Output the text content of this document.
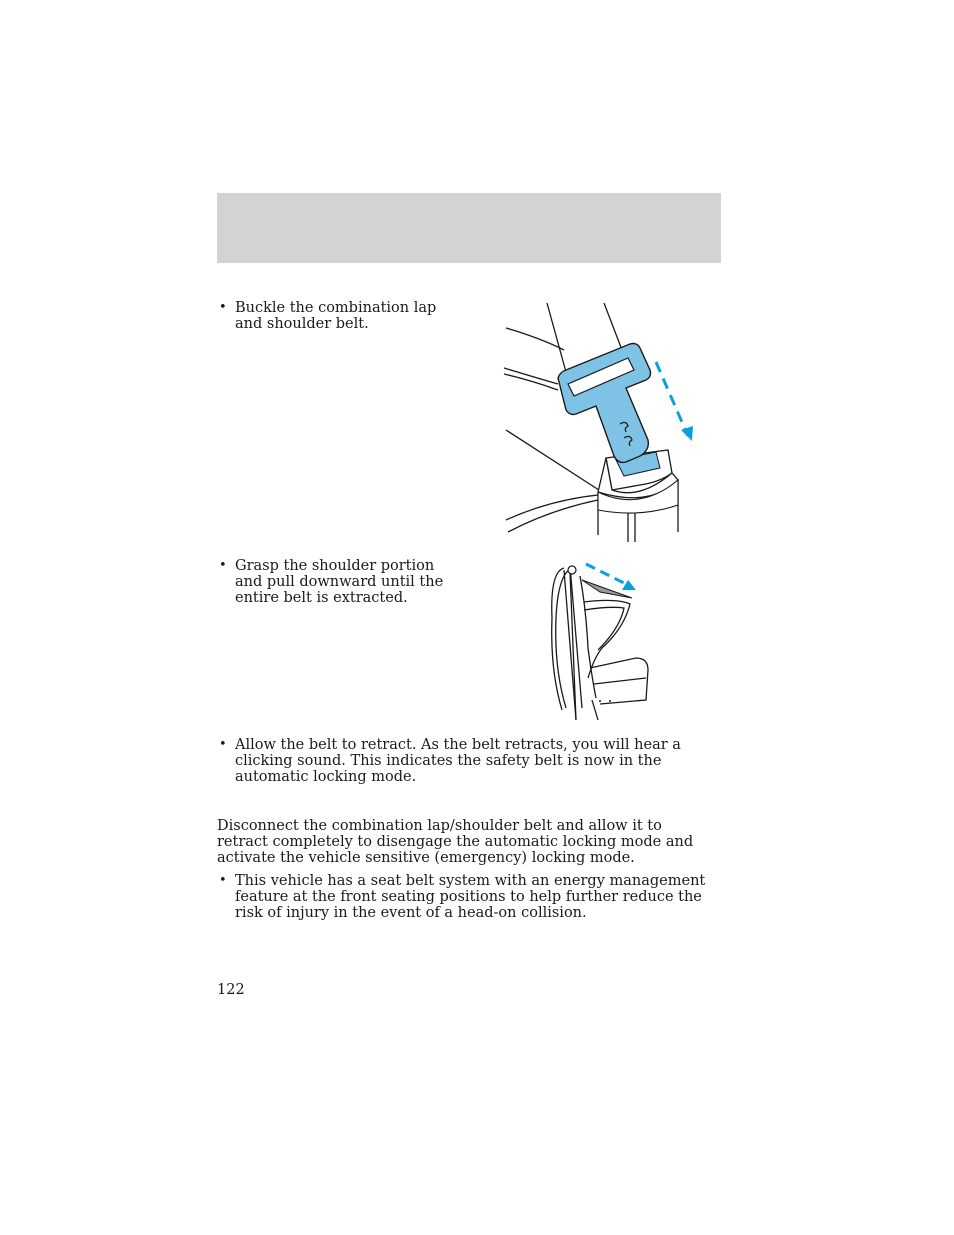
• Buckle the combination lap and shoulder belt.
• Grasp the shoulder portion and pull downward until the entire belt is extracted.
• Allow the belt to retract. As the belt retracts, you will hear a clicking sound. This indicates the safety belt is now in the automatic locking mode.
Disconnect the combination lap/shoulder belt and allow it to retract completely to disengage the automatic locking mode and activate the vehicle sensitive (emergency) locking mode.
• This vehicle has a seat belt system with an energy management feature at the front seating positions to help further reduce the risk of injury in the event of a head-on collision.
122
